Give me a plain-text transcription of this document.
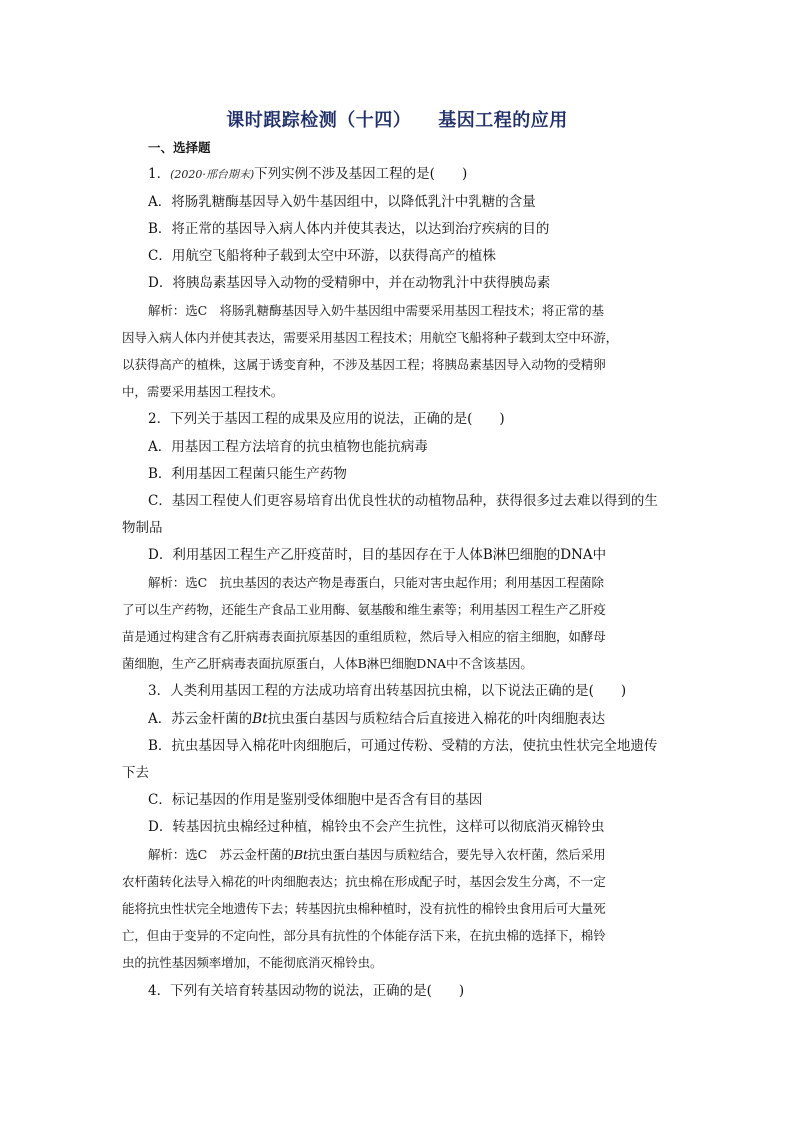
课时跟踪检测（十四）    基因工程的应用
一、选择题
1．(2020·邢台期末)下列实例不涉及基因工程的是(　　)
A．将肠乳糖酶基因导入奶牛基因组中，以降低乳汁中乳糖的含量
B．将正常的基因导入病人体内并使其表达，以达到治疗疾病的目的
C．用航空飞船将种子载到太空中环游，以获得高产的植株
D．将胰岛素基因导入动物的受精卵中，并在动物乳汁中获得胰岛素
解析：选C　将肠乳糖酶基因导入奶牛基因组中需要采用基因工程技术；将正常的基
因导入病人体内并使其表达，需要采用基因工程技术；用航空飞船将种子载到太空中环游，
以获得高产的植株，这属于诱变育种，不涉及基因工程；将胰岛素基因导入动物的受精卵
中，需要采用基因工程技术。
2．下列关于基因工程的成果及应用的说法，正确的是(　　)
A．用基因工程方法培育的抗虫植物也能抗病毒
B．利用基因工程菌只能生产药物
C．基因工程使人们更容易培育出优良性状的动植物品种，获得很多过去难以得到的生
物制品
D．利用基因工程生产乙肝疫苗时，目的基因存在于人体B淋巴细胞的DNA中
解析：选C　抗虫基因的表达产物是毒蛋白，只能对害虫起作用；利用基因工程菌除
了可以生产药物，还能生产食品工业用酶、氨基酸和维生素等；利用基因工程生产乙肝疫
苗是通过构建含有乙肝病毒表面抗原基因的重组质粒，然后导入相应的宿主细胞，如酵母
菌细胞，生产乙肝病毒表面抗原蛋白，人体B淋巴细胞DNA中不含该基因。
3．人类利用基因工程的方法成功培育出转基因抗虫棉，以下说法正确的是(　　)
A．苏云金杆菌的Bt抗虫蛋白基因与质粒结合后直接进入棉花的叶肉细胞表达
B．抗虫基因导入棉花叶肉细胞后，可通过传粉、受精的方法，使抗虫性状完全地遗传
下去
C．标记基因的作用是鉴别受体细胞中是否含有目的基因
D．转基因抗虫棉经过种植，棉铃虫不会产生抗性，这样可以彻底消灭棉铃虫
解析：选C　苏云金杆菌的Bt抗虫蛋白基因与质粒结合，要先导入农杆菌，然后采用
农杆菌转化法导入棉花的叶肉细胞表达；抗虫棉在形成配子时，基因会发生分离，不一定
能将抗虫性状完全地遗传下去；转基因抗虫棉种植时，没有抗性的棉铃虫食用后可大量死
亡，但由于变异的不定向性，部分具有抗性的个体能存活下来，在抗虫棉的选择下，棉铃
虫的抗性基因频率增加，不能彻底消灭棉铃虫。
4．下列有关培育转基因动物的说法，正确的是(　　)
